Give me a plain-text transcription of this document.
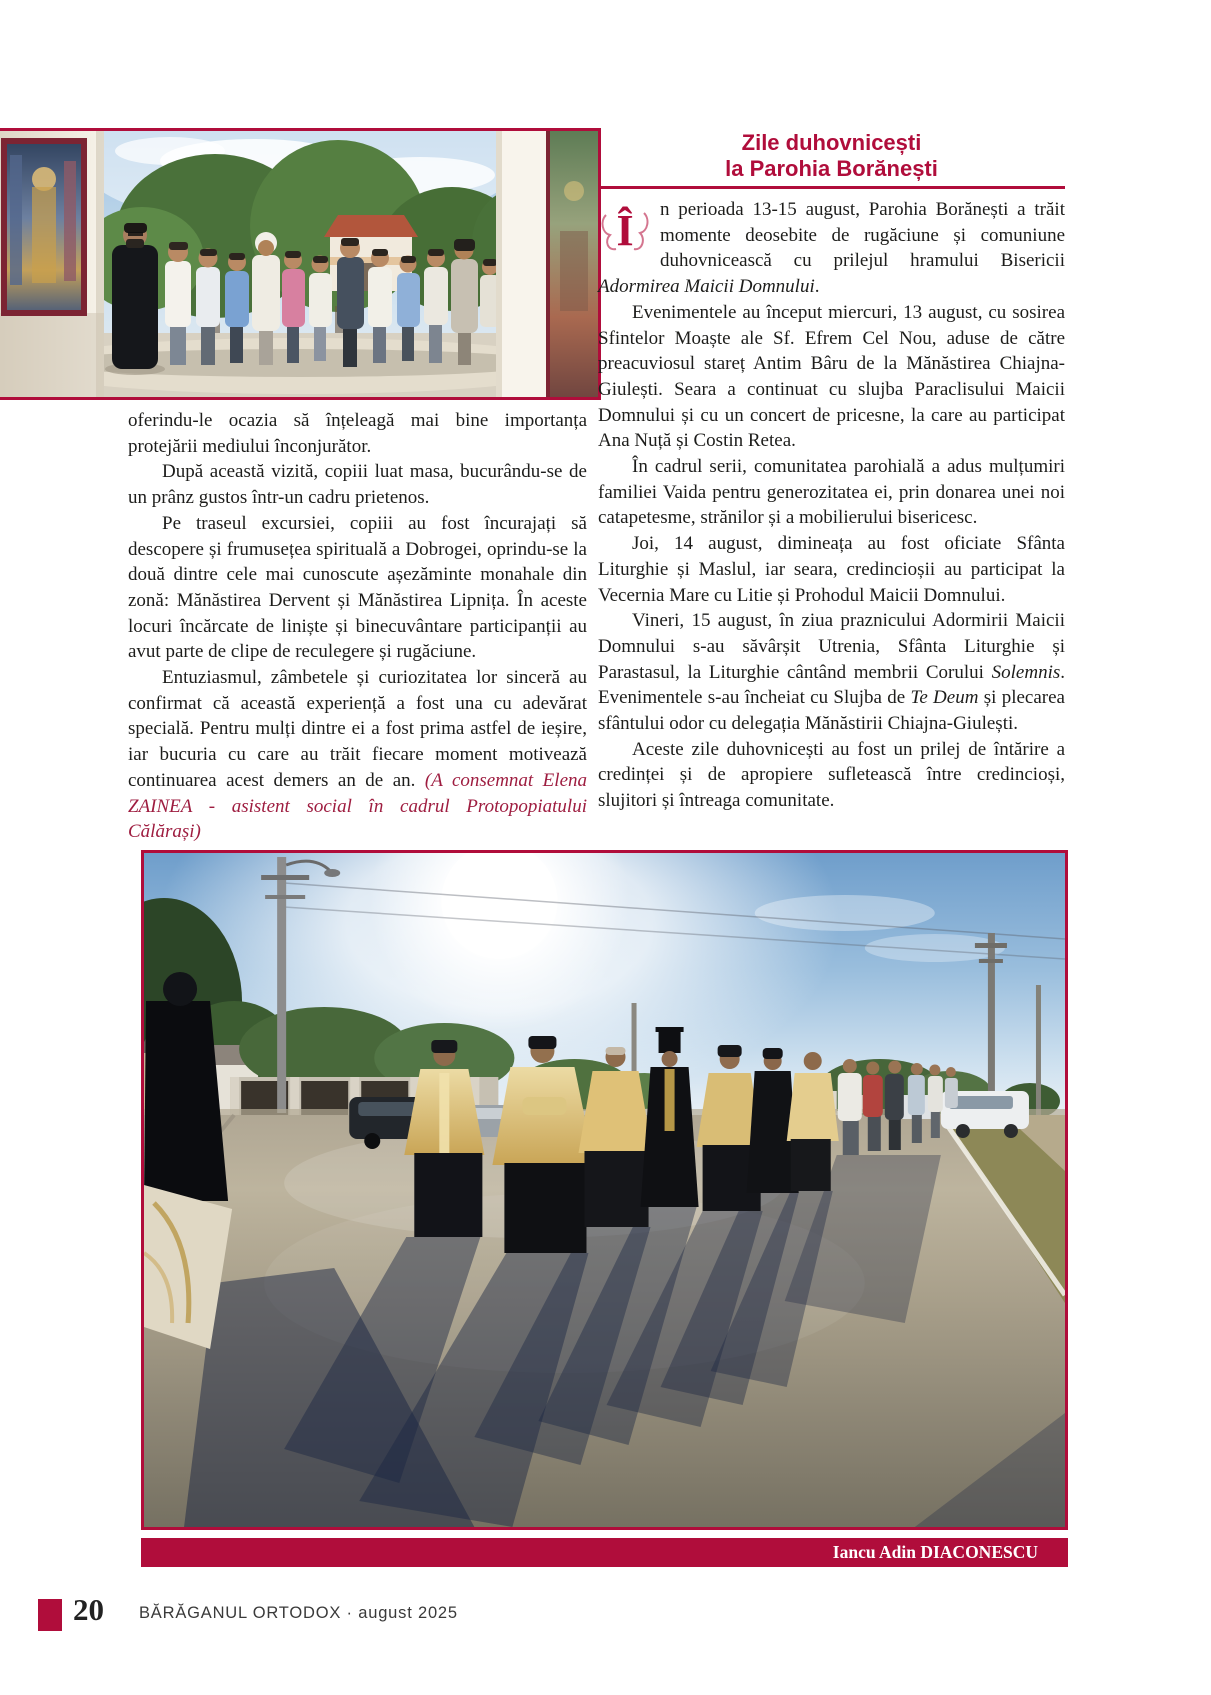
oferindu-le ocazia să înțeleagă mai bine importanța protejării mediului înconjurător.

După această vizită, copiii luat masa, bucurându-se de un prânz gustos într-un cadru prietenos.

Pe traseul excursiei, copiii au fost încurajați să descopere și frumusețea spirituală a Dobrogei, oprindu-se la două dintre cele mai cunoscute așezăminte monahale din zonă: Mănăstirea Dervent și Mănăstirea Lipnița. În aceste locuri încărcate de liniște și binecuvântare participanții au avut parte de clipe de reculegere și rugăciune.

Entuziasmul, zâmbetele și curiozitatea lor sinceră au confirmat că această experiență a fost una cu adevărat specială. Pentru mulți dintre ei a fost prima astfel de ieșire, iar bucuria cu care au trăit fiecare moment motivează continuarea acest demers an de an. (A consemnat Elena ZAINEA - asistent social în cadrul Protopopiatului Călărași)

Zile duhovnicești
la Parohia Borănești

Î n perioada 13-15 august, Parohia Borănești a trăit momente deosebite de rugăciune și comuniune duhovnicească cu prilejul hramului Bisericii Adormirea Maicii Domnului.

Evenimentele au început miercuri, 13 august, cu sosirea Sfintelor Moaște ale Sf. Efrem Cel Nou, aduse de către preacuviosul stareț Antim Bâru de la Mănăstirea Chiajna-Giulești. Seara a continuat cu slujba Paraclisului Maicii Domnului și cu un concert de pricesne, la care au participat Ana Nuță și Costin Retea.

În cadrul serii, comunitatea parohială a adus mulțumiri familiei Vaida pentru generozitatea ei, prin donarea unei noi catapetesme, strănilor și a mobilierului bisericesc.

Joi, 14 august, dimineața au fost oficiate Sfânta Liturghie și Maslul, iar seara, credincioșii au participat la Vecernia Mare cu Litie și Prohodul Maicii Domnului.

Vineri, 15 august, în ziua praznicului Adormirii Maicii Domnului s-au săvârșit Utrenia, Sfânta Liturghie și Parastasul, la Liturghie cântând membrii Corului Solemnis. Evenimentele s-au încheiat cu Slujba de Te Deum și plecarea sfântului odor cu delegația Mănăstirii Chiajna-Giulești.

Aceste zile duhovnicești au fost un prilej de întărire a credinței și de apropiere sufletească între credincioși, slujitori și întreaga comunitate.

Iancu Adin DIACONESCU
20 BĂRĂGANUL ORTODOX · august 2025
